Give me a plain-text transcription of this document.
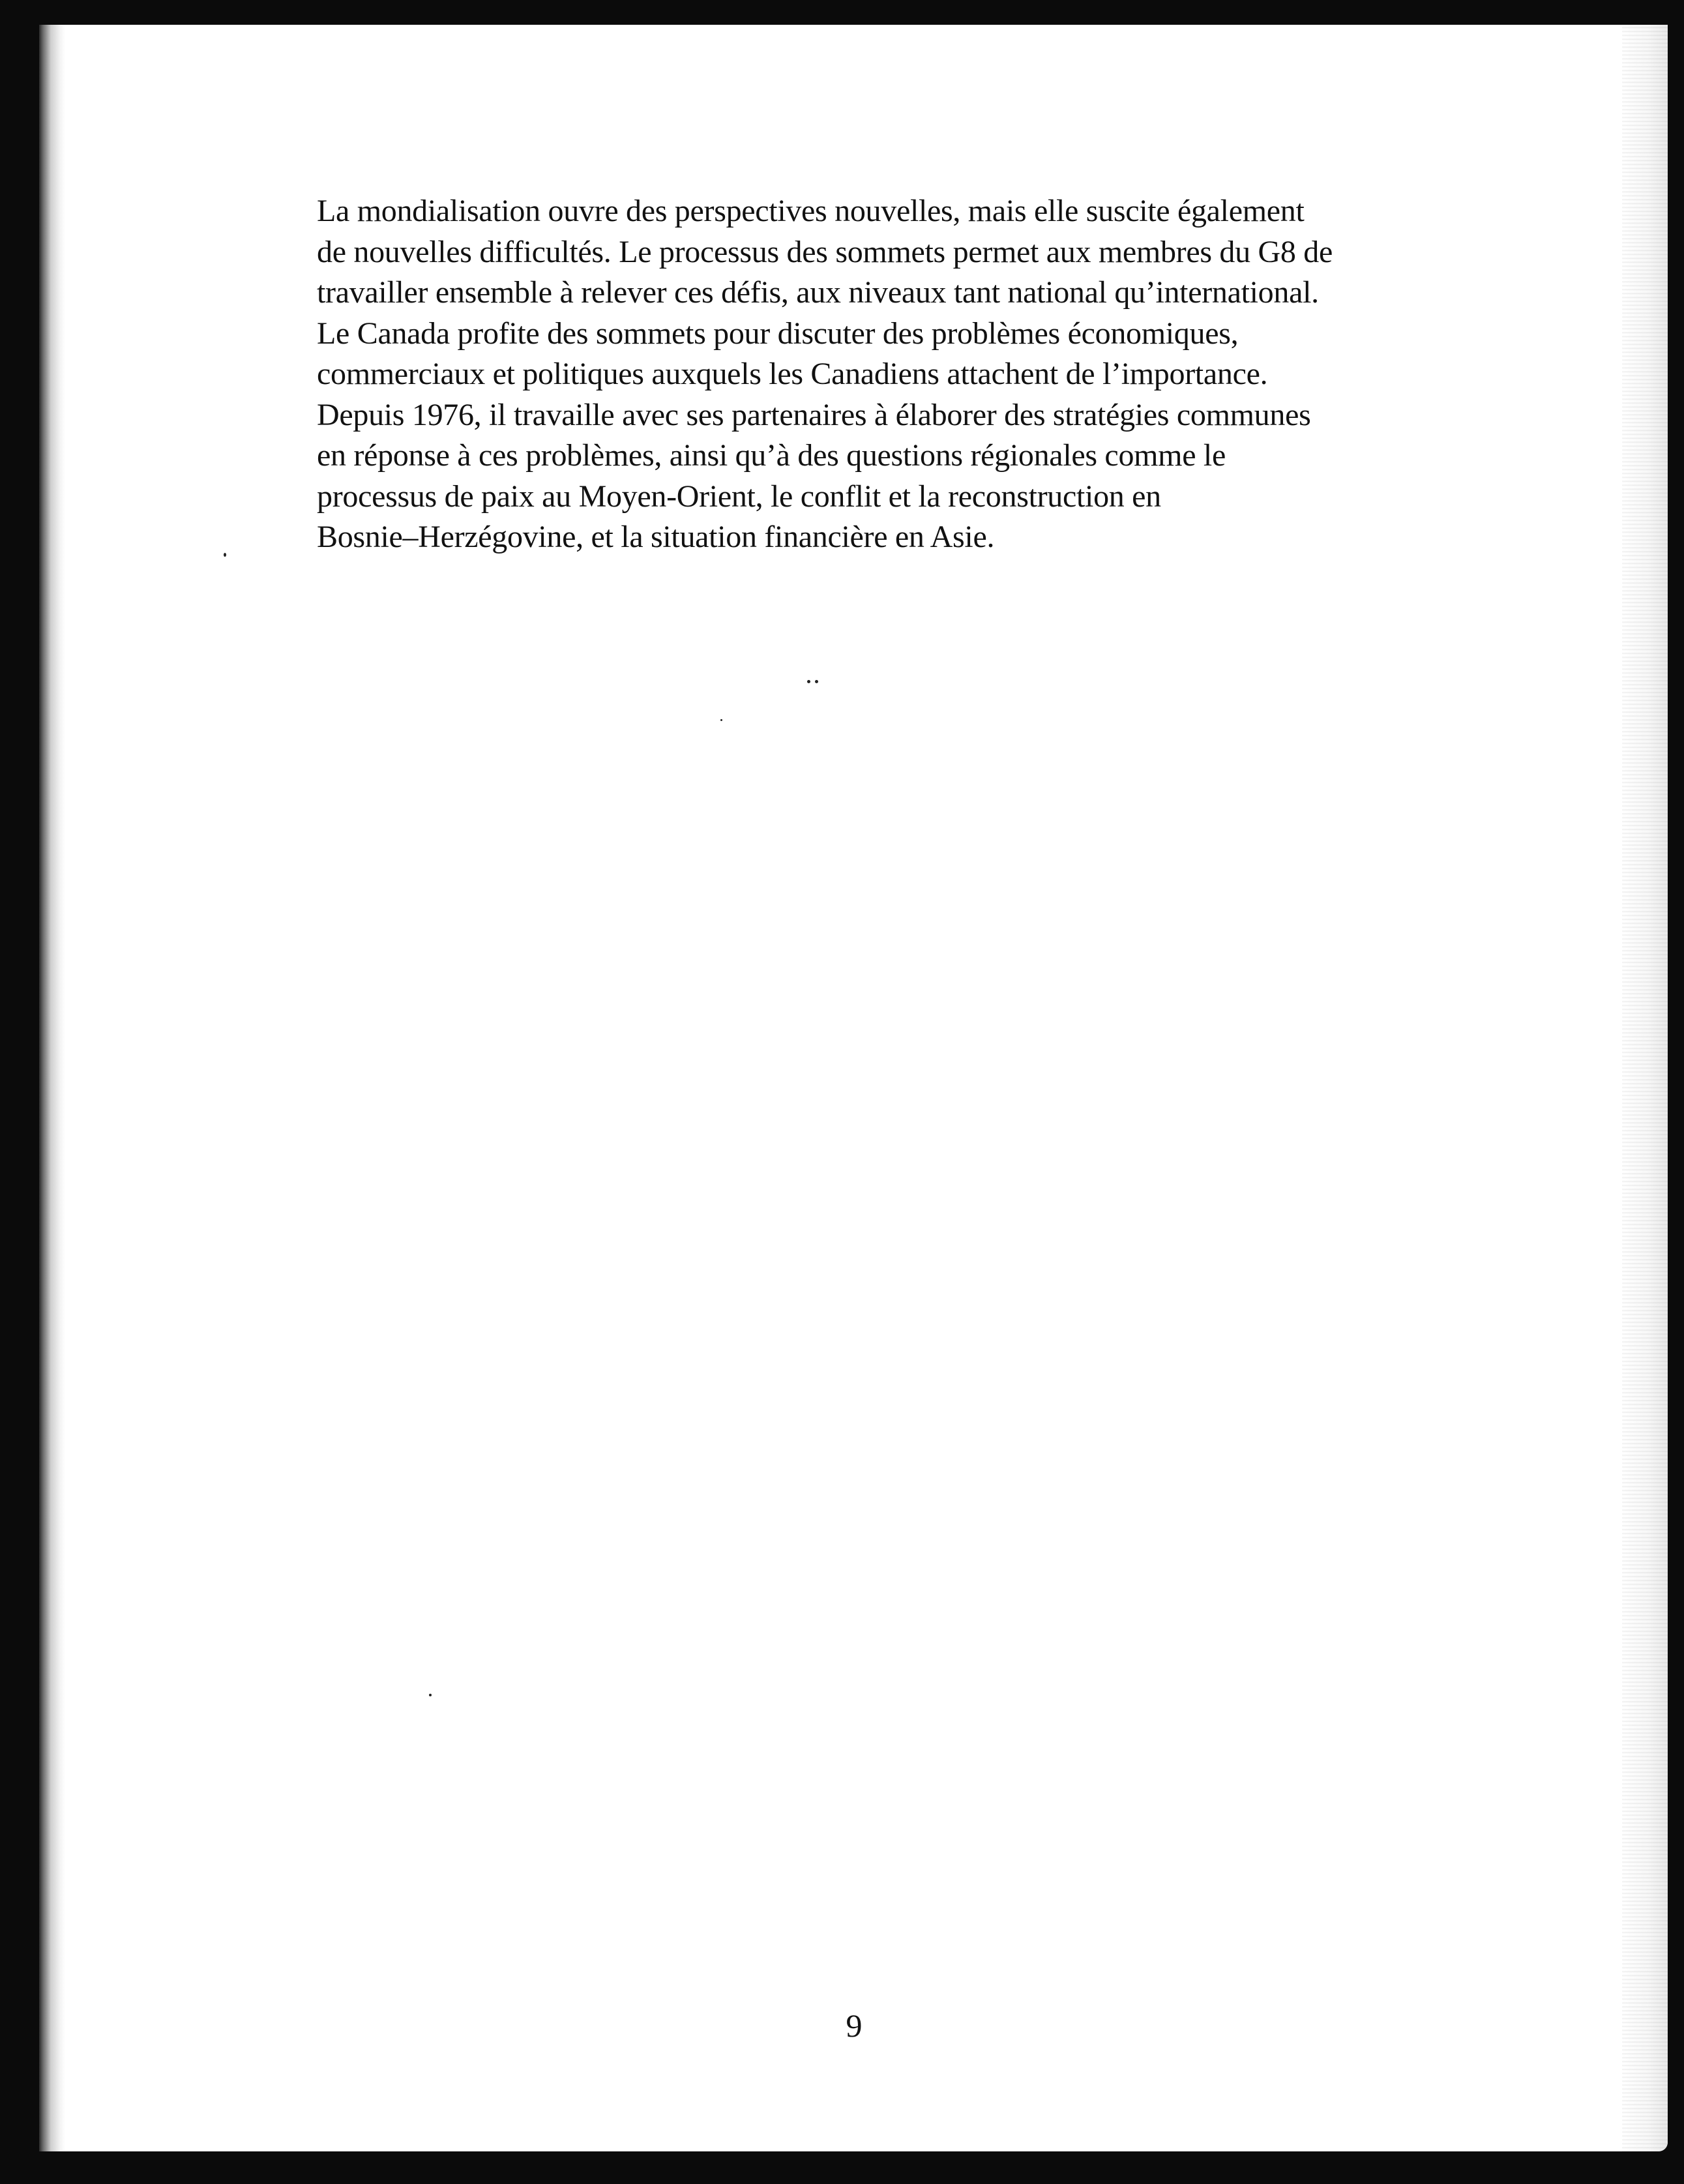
La mondialisation ouvre des perspectives nouvelles, mais elle suscite également
de nouvelles difficultés. Le processus des sommets permet aux membres du G8 de
travailler ensemble à relever ces défis, aux niveaux tant national qu’international.
Le Canada profite des sommets pour discuter des problèmes économiques,
commerciaux et politiques auxquels les Canadiens attachent de l’importance.
Depuis 1976, il travaille avec ses partenaires à élaborer des stratégies communes
en réponse à ces problèmes, ainsi qu’à des questions régionales comme le
processus de paix au Moyen-Orient, le conflit et la reconstruction en
Bosnie–Herzégovine, et la situation financière en Asie.

9
